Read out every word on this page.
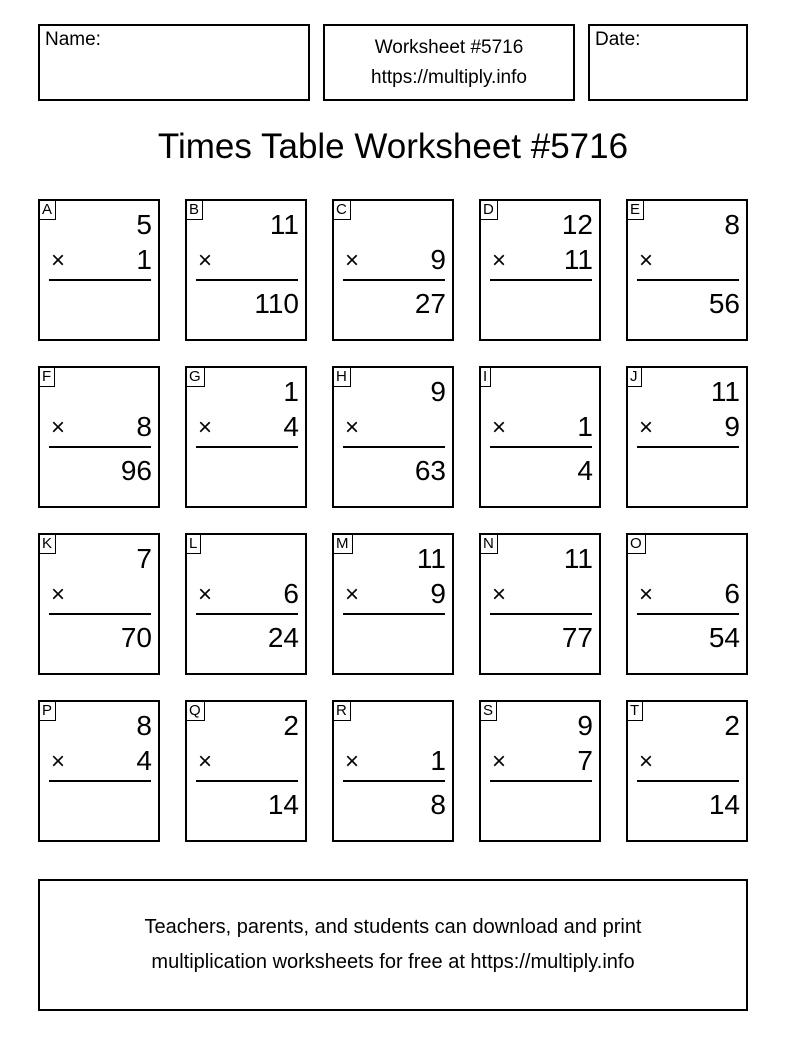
Name:	Worksheet #5716
https://multiply.info
Date:
Times Table Worksheet #5716
A	5
×	1
B	11
×
110
C
×	9
27
D 12
× 11
E	8
×
56
F
×	8
96
G	1
×	4
H	9
×
63
I
×	1
4
J	11
×	9
K	7
×
70
L
×	6
24
M 11
×	9
N	11
×
77
O
×	6
54
P	8
×	4
Q	2
×
14
R
×	1
8
S	9
×	7
T	2
×
14
Teachers, parents, and students can download and print
multiplication worksheets for free at https://multiply.info
